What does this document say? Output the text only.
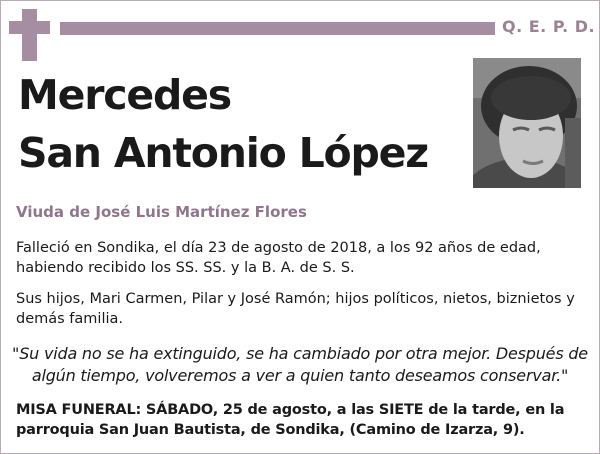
Q. E. P. D.
Mercedes
San Antonio López
Viuda de José Luis Martínez Flores
Falleció en Sondika, el día 23 de agosto de 2018, a los 92 años de edad, habiendo recibido los SS. SS. y la B. A. de S. S.
Sus hijos, Mari Carmen, Pilar y José Ramón; hijos políticos, nietos, biznietos y demás familia.
"Su vida no se ha extinguido, se ha cambiado por otra mejor. Después de algún tiempo, volveremos a ver a quien tanto deseamos conservar."
MISA FUNERAL: SÁBADO, 25 de agosto, a las SIETE de la tarde, en la parroquia San Juan Bautista, de Sondika, (Camino de Izarza, 9).
